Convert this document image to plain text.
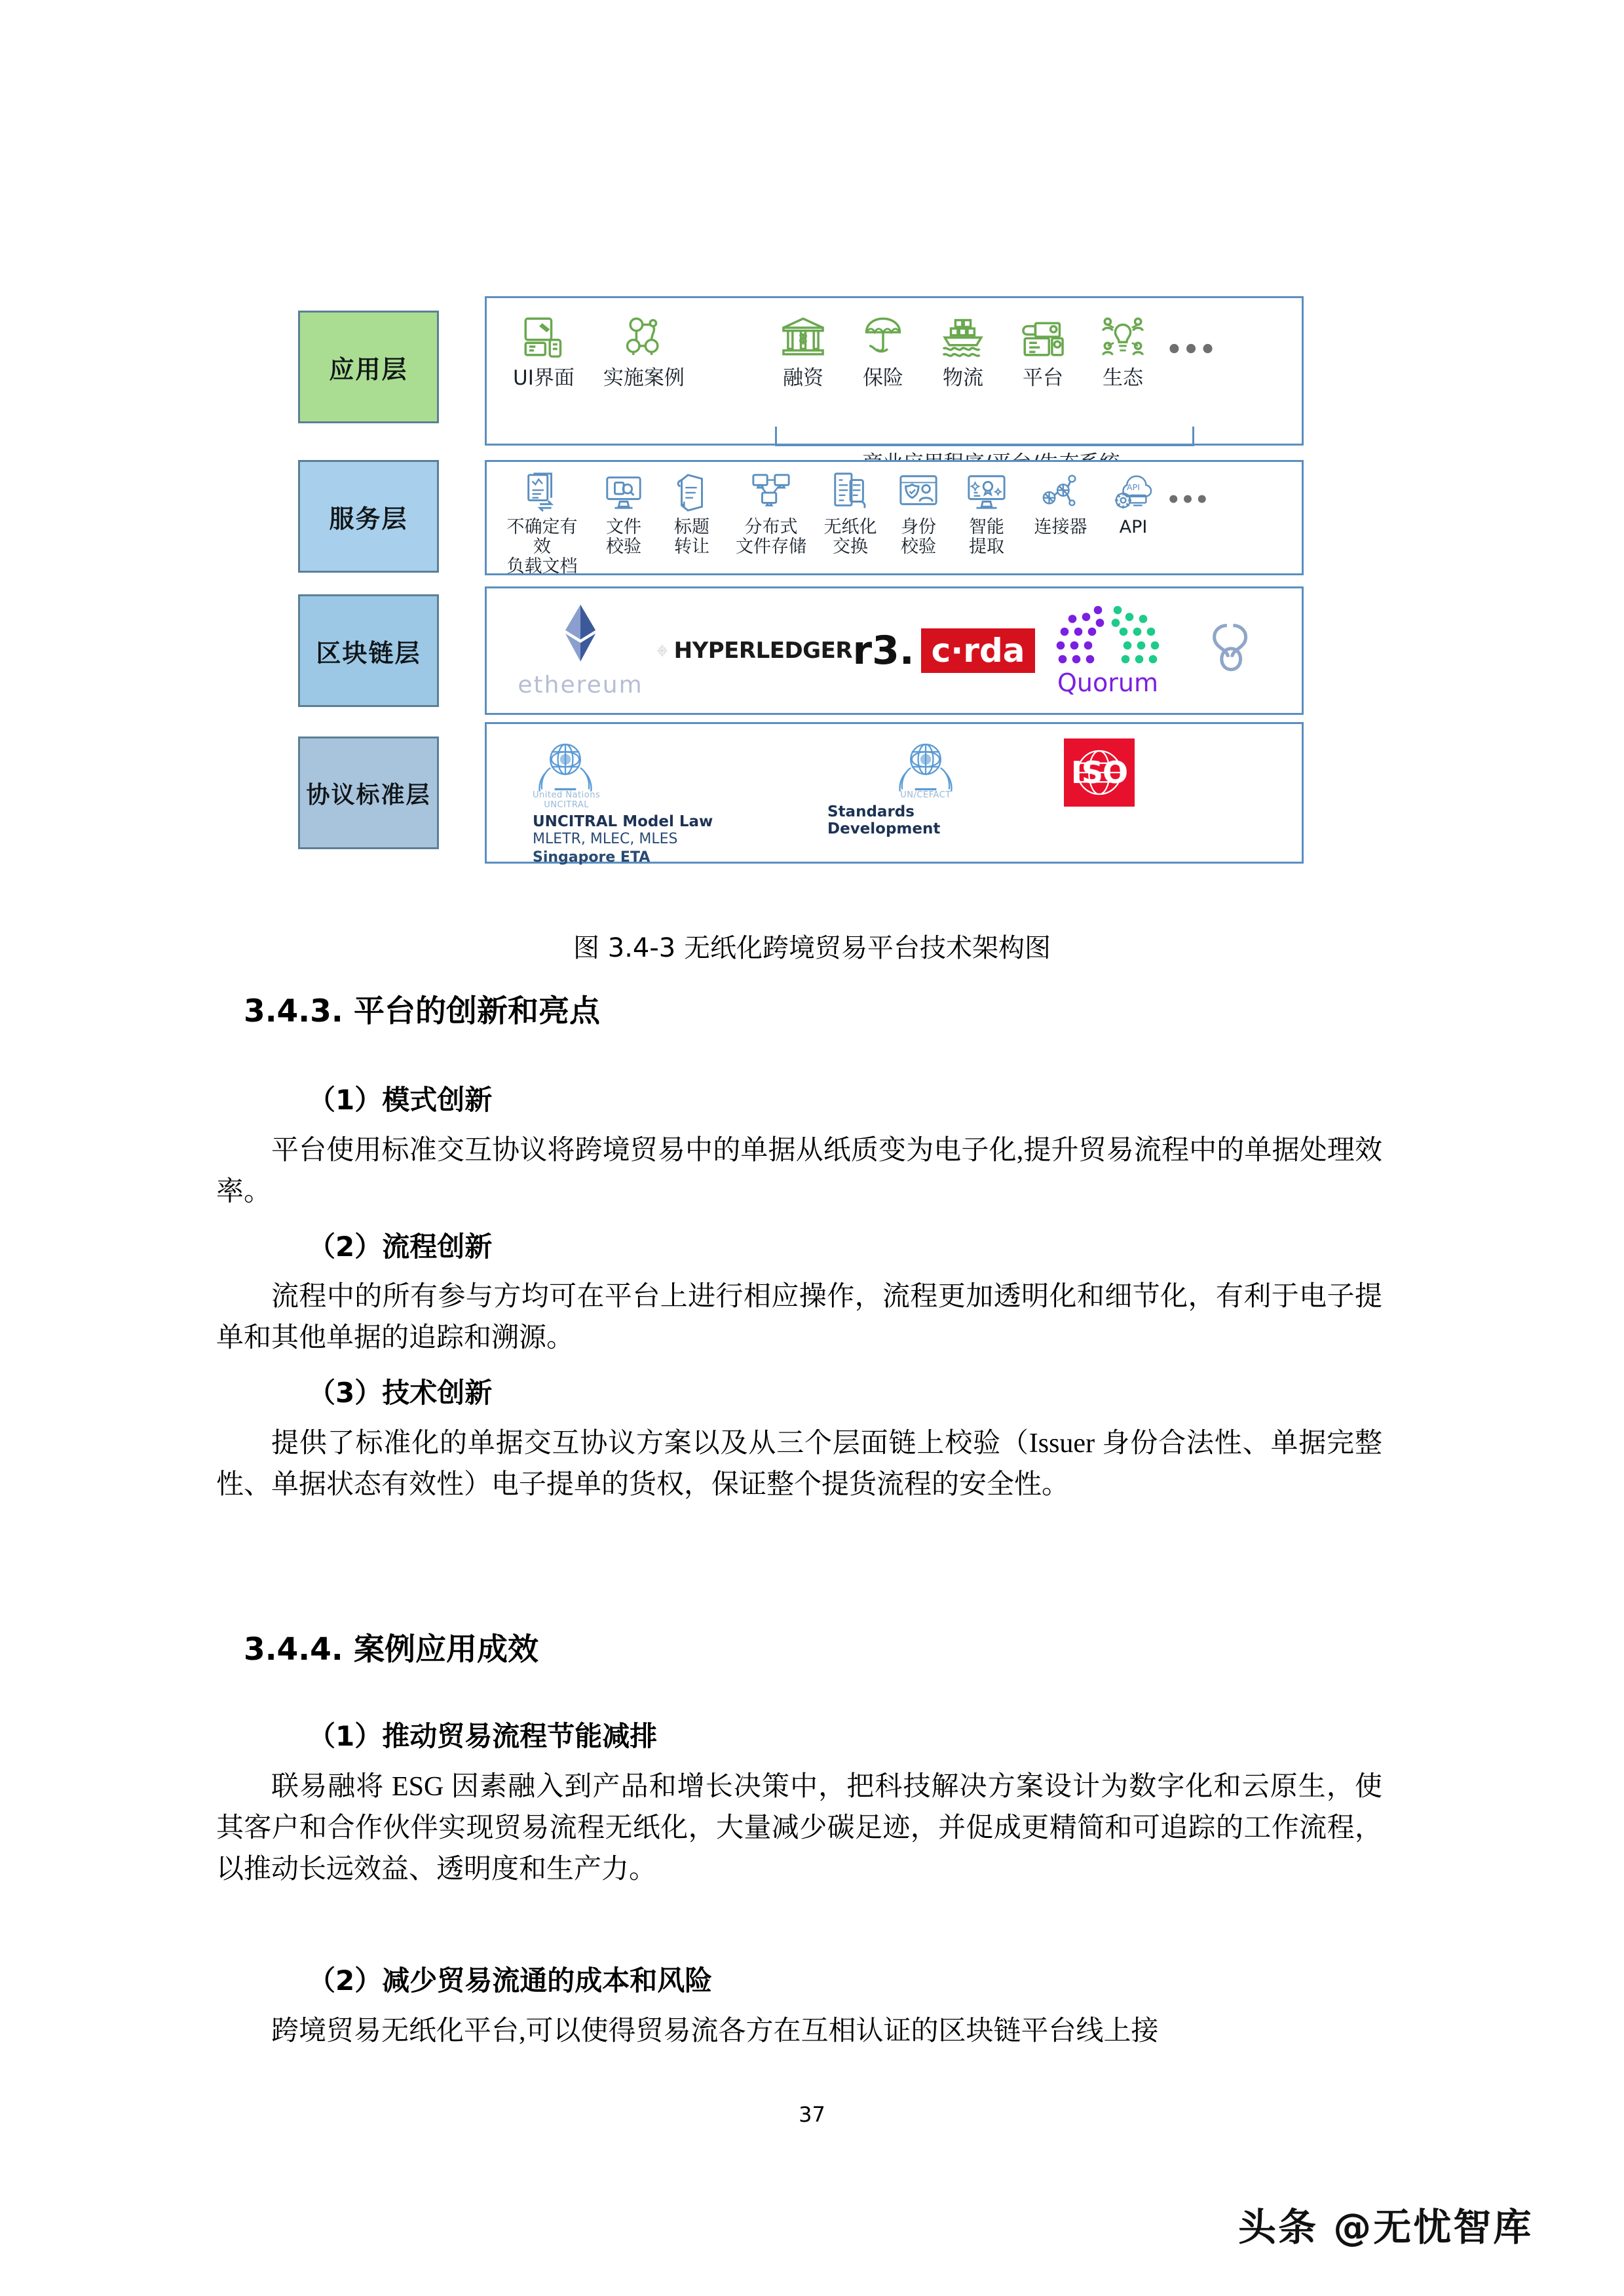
应用层	UI界面 实施案例	融资 保险 物流 平台 生态
•••
服务层	不确定有效
负载文档
文件
校验
标题
转让
分布式
文件存储
无纸化
交换
身份
校验
智能
提取
连接器
API
API
•••
区块链层
ethereum
HYPERLEDGER r3. c·rda
Quorum
协议标准层	United Nations
UNCITRAL
UNCITRAL Model Law
MLETR, MLEC, MLES
Singapore ETA
UN/CEFACT
Standards Development
ISO
图 3.4-3 无纸化跨境贸易平台技术架构图
3.4.3. 平台的创新和亮点
（1）模式创新
平台使用标准交互协议将跨境贸易中的单据从纸质变为电子化,提升贸易流程中的单据处理效率。
（2）流程创新
流程中的所有参与方均可在平台上进行相应操作，流程更加透明化和细节化，有利于电子提单和其他单据的追踪和溯源。
（3）技术创新
提供了标准化的单据交互协议方案以及从三个层面链上校验（Issuer 身份合法性、单据完整性、单据状态有效性）电子提单的货权，保证整个提货流程的安全性。
3.4.4. 案例应用成效
（1）推动贸易流程节能减排
联易融将 ESG 因素融入到产品和增长决策中，把科技解决方案设计为数字化和云原生，使其客户和合作伙伴实现贸易流程无纸化，大量减少碳足迹，并促成更精简和可追踪的工作流程，以推动长远效益、透明度和生产力。
（2）减少贸易流通的成本和风险
跨境贸易无纸化平台,可以使得贸易流各方在互相认证的区块链平台线上接
37
头条 @无忧智库
